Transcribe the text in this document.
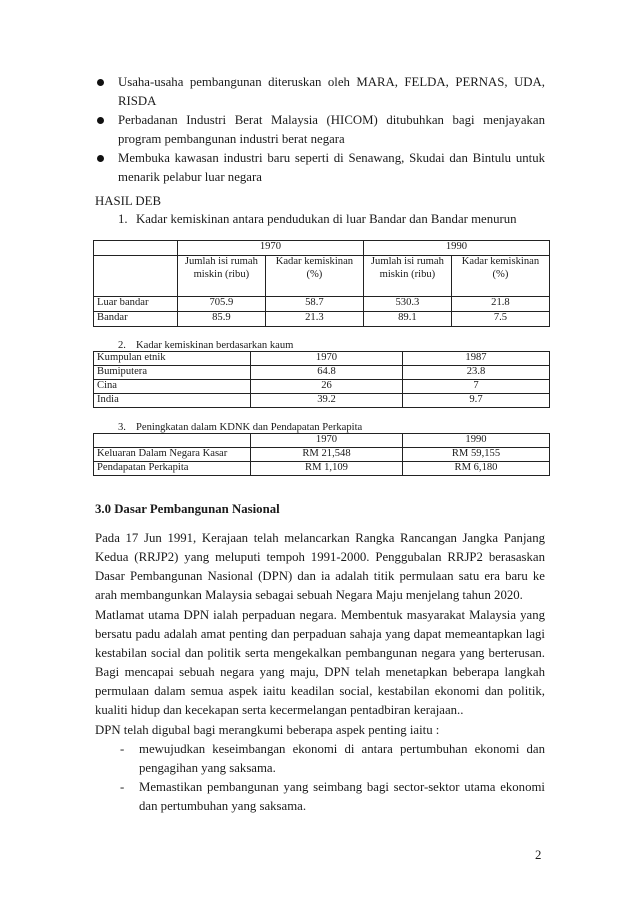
Usaha-usaha pembangunan diteruskan oleh MARA, FELDA, PERNAS, UDA, RISDA
Perbadanan Industri Berat Malaysia (HICOM) ditubuhkan bagi menjayakan program pembangunan industri berat negara
Membuka kawasan industri baru seperti di Senawang, Skudai dan Bintulu untuk menarik pelabur luar negara
HASIL DEB
1. Kadar kemiskinan antara pendudukan di luar Bandar dan Bandar menurun
	1970		1990	
	Jumlah isi rumah miskin (ribu)	Kadar kemiskinan (%)	Jumlah isi rumah miskin (ribu)	Kadar kemiskinan (%)
Luar bandar	705.9	58.7	530.3	21.8
Bandar	85.9	21.3	89.1	7.5
2. Kadar kemiskinan berdasarkan kaum
Kumpulan etnik	1970	1987
Bumiputera	64.8	23.8
Cina	26	7
India	39.2	9.7
3. Peningkatan dalam KDNK dan Pendapatan Perkapita
	1970	1990
Keluaran Dalam Negara Kasar	RM 21,548	RM 59,155
Pendapatan Perkapita	RM 1,109	RM 6,180
3.0 Dasar Pembangunan Nasional
Pada 17 Jun 1991, Kerajaan telah melancarkan Rangka Rancangan Jangka Panjang Kedua (RRJP2) yang meluputi tempoh 1991-2000. Penggubalan RRJP2 berasaskan Dasar Pembangunan Nasional (DPN) dan ia adalah titik permulaan satu era baru ke arah membangunkan Malaysia sebagai sebuah Negara Maju menjelang tahun 2020.
Matlamat utama DPN ialah perpaduan negara. Membentuk masyarakat Malaysia yang bersatu padu adalah amat penting dan perpaduan sahaja yang dapat memeantapkan lagi kestabilan social dan politik serta mengekalkan pembangunan negara yang berterusan. Bagi mencapai sebuah negara yang maju, DPN telah menetapkan beberapa langkah permulaan dalam semua aspek iaitu keadilan social, kestabilan ekonomi dan politik, kualiti hidup dan kecekapan serta kecermelangan pentadbiran kerajaan..
DPN telah digubal bagi merangkumi beberapa aspek penting iaitu :
-	mewujudkan keseimbangan ekonomi di antara pertumbuhan ekonomi dan pengagihan yang saksama.
-	Memastikan pembangunan yang seimbang bagi sector-sektor utama ekonomi dan pertumbuhan yang saksama.
2
